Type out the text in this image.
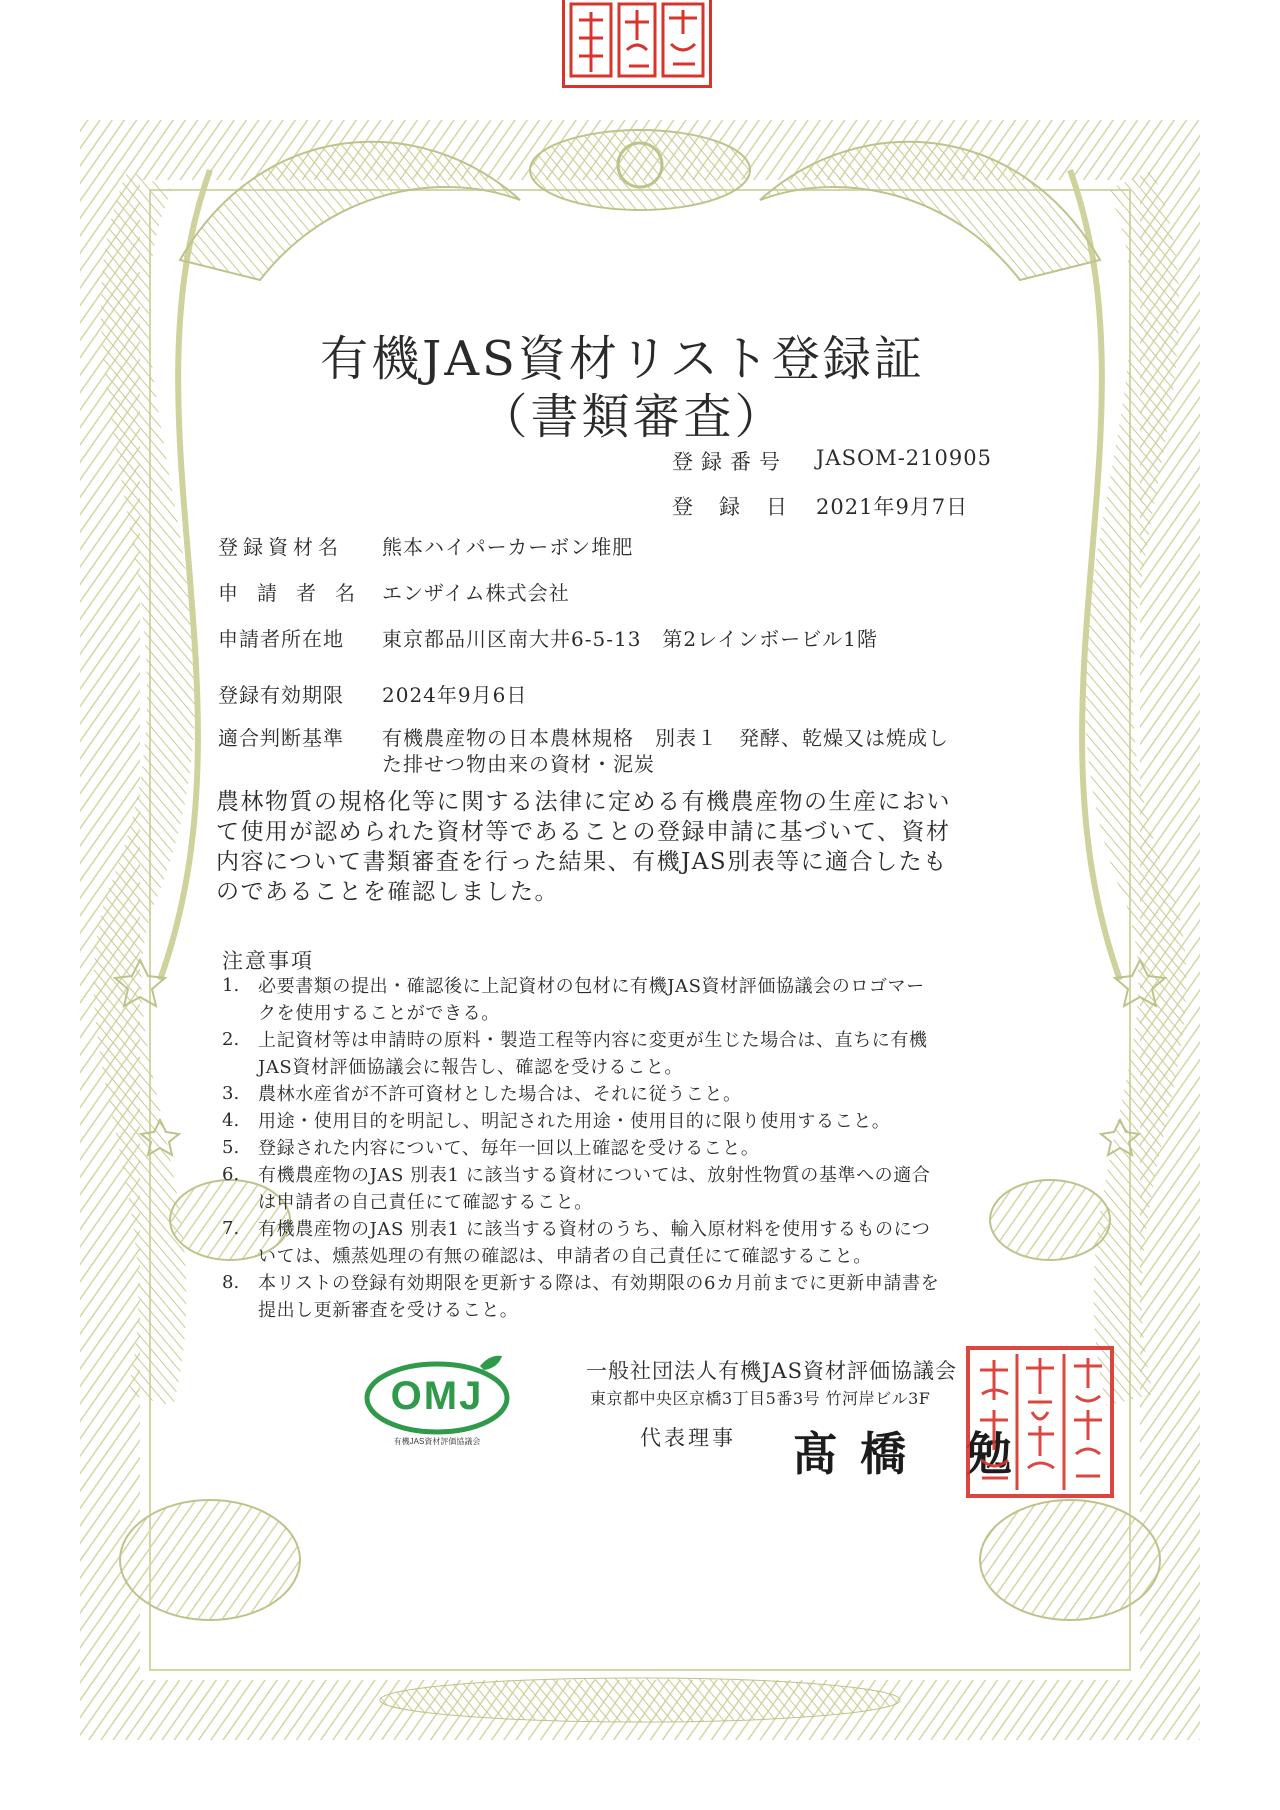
有機JAS資材リスト登録証
（書類審査）
登録番号 JASOM-210905
登録日 2021年9月7日
登録資材名 熊本ハイパーカーボン堆肥
申請者名 エンザイム株式会社
申請者所在地 東京都品川区南大井6-5-13　第2レインボービル1階
登録有効期限 2024年9月6日
適合判断基準 有機農産物の日本農林規格　別表１　発酵、乾燥又は焼成し
た排せつ物由来の資材・泥炭
農林物質の規格化等に関する法律に定める有機農産物の生産におい
て使用が認められた資材等であることの登録申請に基づいて、資材
内容について書類審査を行った結果、有機JAS別表等に適合したも
のであることを確認しました。
注意事項
1.	必要書類の提出・確認後に上記資材の包材に有機JAS資材評価協議会のロゴマー
クを使用することができる。
2.	上記資材等は申請時の原料・製造工程等内容に変更が生じた場合は、直ちに有機
JAS資材評価協議会に報告し、確認を受けること。
3.	農林水産省が不許可資材とした場合は、それに従うこと。
4.	用途・使用目的を明記し、明記された用途・使用目的に限り使用すること。
5.	登録された内容について、毎年一回以上確認を受けること。
6.	有機農産物のJAS 別表1 に該当する資材については、放射性物質の基準への適合
は申請者の自己責任にて確認すること。
7.	有機農産物のJAS 別表1 に該当する資材のうち、輸入原材料を使用するものにつ
いては、燻蒸処理の有無の確認は、申請者の自己責任にて確認すること。
8.	本リストの登録有効期限を更新する際は、有効期限の6カ月前までに更新申請書を
提出し更新審査を受けること。
OMJ
有機JAS資材評価協議会
一般社団法人有機JAS資材評価協議会
東京都中央区京橋3丁目5番3号 竹河岸ビル3F
代表理事 髙橋 勉
